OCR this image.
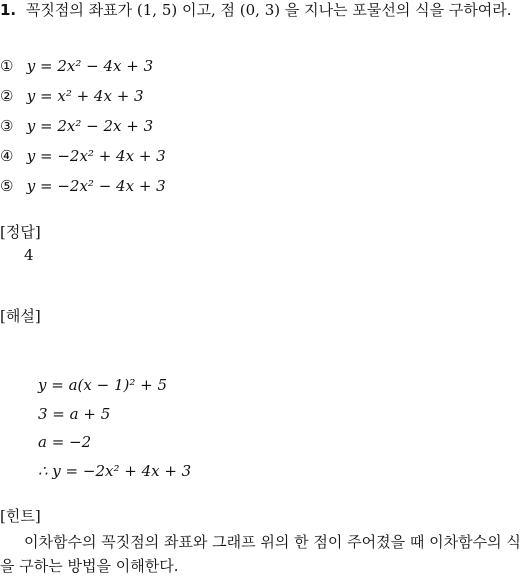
1. 꼭짓점의 좌표가 (1, 5) 이고, 점 (0, 3) 을 지나는 포물선의 식을 구하여라.
① y = 2x² − 4x + 3
② y = x² + 4x + 3
③ y = 2x² − 2x + 3
④ y = −2x² + 4x + 3
⑤ y = −2x² − 4x + 3
[정답]
4
[해설]
y = a(x − 1)² + 5
3 = a + 5
a = −2
∴ y = −2x² + 4x + 3
[힌트]
이차함수의 꼭짓점의 좌표와 그래프 위의 한 점이 주어졌을 때 이차함수의 식을 구하는 방법을 이해한다.
